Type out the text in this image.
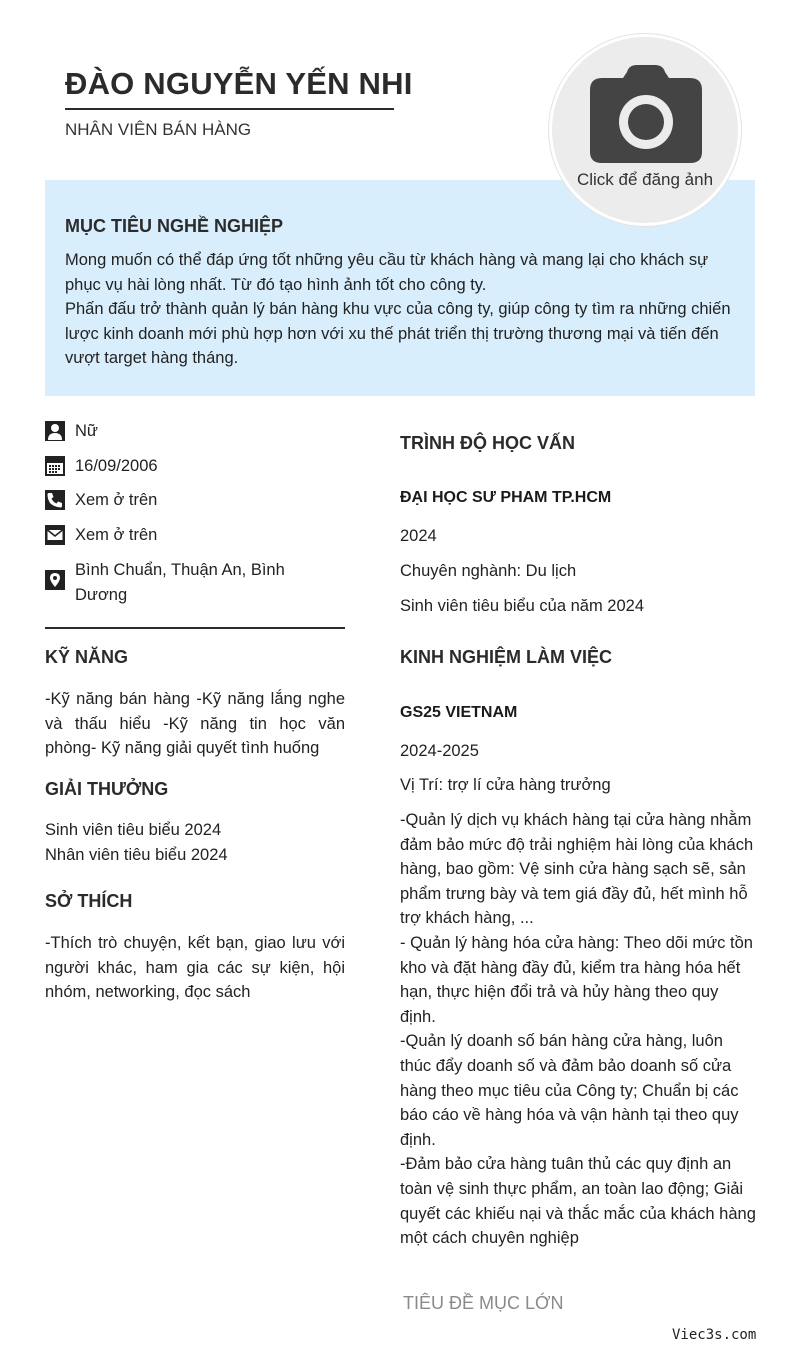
ĐÀO NGUYỄN YẾN NHI
NHÂN VIÊN BÁN HÀNG
MỤC TIÊU NGHỀ NGHIỆP

Mong muốn có thể đáp ứng tốt những yêu cầu từ khách hàng và mang lại cho khách sự phục vụ hài lòng nhất. Từ đó tạo hình ảnh tốt cho công ty.

Phấn đấu trở thành quản lý bán hàng khu vực của công ty, giúp công ty tìm ra những chiến lược kinh doanh mới phù hợp hơn với xu thế phát triển thị trường thương mại và tiến đến vượt target hàng tháng.

Click để đăng ảnh
Nữ
16/09/2006
Xem ở trên
Xem ở trên
Bình Chuẩn, Thuận An, Bình Dương
KỸ NĂNG
-Kỹ năng bán hàng -Kỹ năng lắng nghe và thấu hiểu -Kỹ năng tin học văn phòng- Kỹ năng giải quyết tình huống
GIẢI THƯỞNG
Sinh viên tiêu biểu 2024
Nhân viên tiêu biểu 2024
SỞ THÍCH
-Thích trò chuyện, kết bạn, giao lưu với người khác, ham gia các sự kiện, hội nhóm, networking, đọc sách
TRÌNH ĐỘ HỌC VẤN
ĐẠI HỌC SƯ PHAM TP.HCM
2024
Chuyên nghành: Du lịch
Sinh viên tiêu biểu của năm 2024
KINH NGHIỆM LÀM VIỆC
GS25 VIETNAM
2024-2025
Vị Trí: trợ lí cửa hàng trưởng
-Quản lý dịch vụ khách hàng tại cửa hàng nhằm đảm bảo mức độ trải nghiệm hài lòng của khách hàng, bao gồm: Vệ sinh cửa hàng sạch sẽ, sản phẩm trưng bày và tem giá đầy đủ, hết mình hỗ trợ khách hàng, ...
- Quản lý hàng hóa cửa hàng: Theo dõi mức tồn kho và đặt hàng đầy đủ, kiểm tra hàng hóa hết hạn, thực hiện đổi trả và hủy hàng theo quy định.
-Quản lý doanh số bán hàng cửa hàng, luôn thúc đẩy doanh số và đảm bảo doanh số cửa hàng theo mục tiêu của Công ty; Chuẩn bị các báo cáo về hàng hóa và vận hành tại theo quy định.
-Đảm bảo cửa hàng tuân thủ các quy định an toàn vệ sinh thực phẩm, an toàn lao động; Giải quyết các khiếu nại và thắc mắc của khách hàng một cách chuyên nghiệp
TIÊU ĐỀ MỤC LỚN
Viec3s.com
